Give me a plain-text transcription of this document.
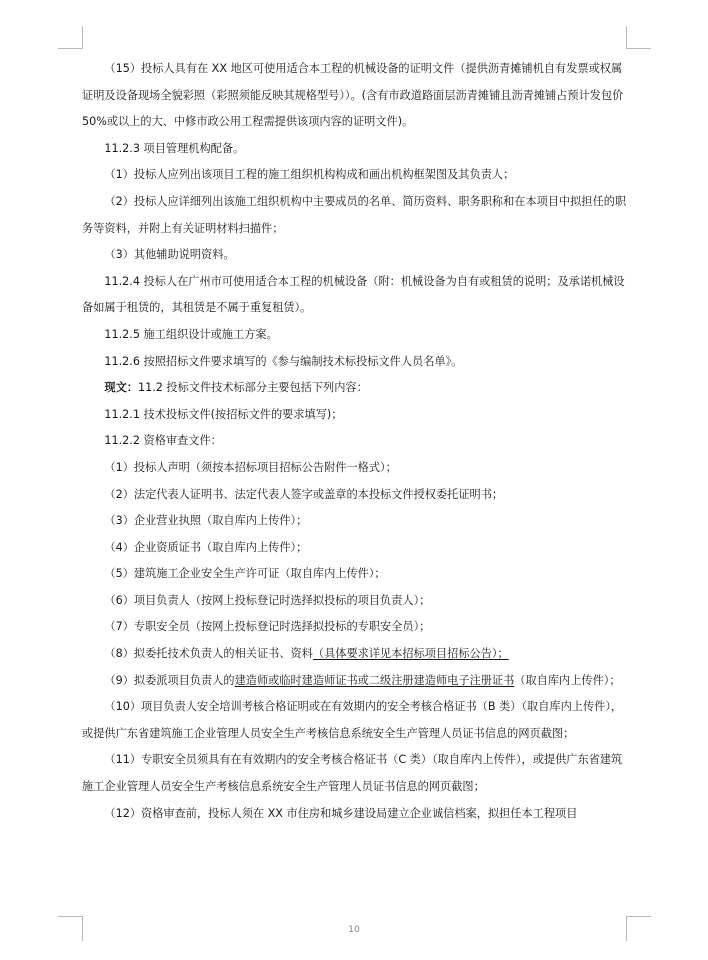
（15）投标人具有在 XX 地区可使用适合本工程的机械设备的证明文件（提供沥青摊铺机自有发票或权属证明及设备现场全貌彩照（彩照须能反映其规格型号））。(含有市政道路面层沥青摊铺且沥青摊铺占预计发包价 50%或以上的大、中修市政公用工程需提供该项内容的证明文件)。

11.2.3 项目管理机构配备。

（1）投标人应列出该项目工程的施工组织机构构成和画出机构框架图及其负责人；

（2）投标人应详细列出该施工组织机构中主要成员的名单、简历资料、职务职称和在本项目中拟担任的职务等资料，并附上有关证明材料扫描件；

（3）其他辅助说明资料。

11.2.4 投标人在广州市可使用适合本工程的机械设备（附：机械设备为自有或租赁的说明；及承诺机械设备如属于租赁的，其租赁是不属于重复租赁）。

11.2.5 施工组织设计或施工方案。

11.2.6 按照招标文件要求填写的《参与编制技术标投标文件人员名单》。

现文：11.2 投标文件技术标部分主要包括下列内容：

11.2.1 技术投标文件(按招标文件的要求填写)；

11.2.2 资格审查文件：

（1）投标人声明（须按本招标项目招标公告附件一格式）；

（2）法定代表人证明书、法定代表人签字或盖章的本投标文件授权委托证明书；

（3）企业营业执照（取自库内上传件）；

（4）企业资质证书（取自库内上传件）；

（5）建筑施工企业安全生产许可证（取自库内上传件）；

（6）项目负责人（按网上投标登记时选择拟投标的项目负责人）；

（7）专职安全员（按网上投标登记时选择拟投标的专职安全员）；

（8）拟委托技术负责人的相关证书、资料（具体要求详见本招标项目招标公告）；

（9）拟委派项目负责人的建造师或临时建造师证书或二级注册建造师电子注册证书（取自库内上传件）；

（10）项目负责人安全培训考核合格证明或在有效期内的安全考核合格证书（B 类）（取自库内上传件），或提供广东省建筑施工企业管理人员安全生产考核信息系统安全生产管理人员证书信息的网页截图；

（11）专职安全员须具有在有效期内的安全考核合格证书（C 类）（取自库内上传件），或提供广东省建筑施工企业管理人员安全生产考核信息系统安全生产管理人员证书信息的网页截图；

（12）资格审查前，投标人须在 XX 市住房和城乡建设局建立企业诚信档案，拟担任本工程项目

10
